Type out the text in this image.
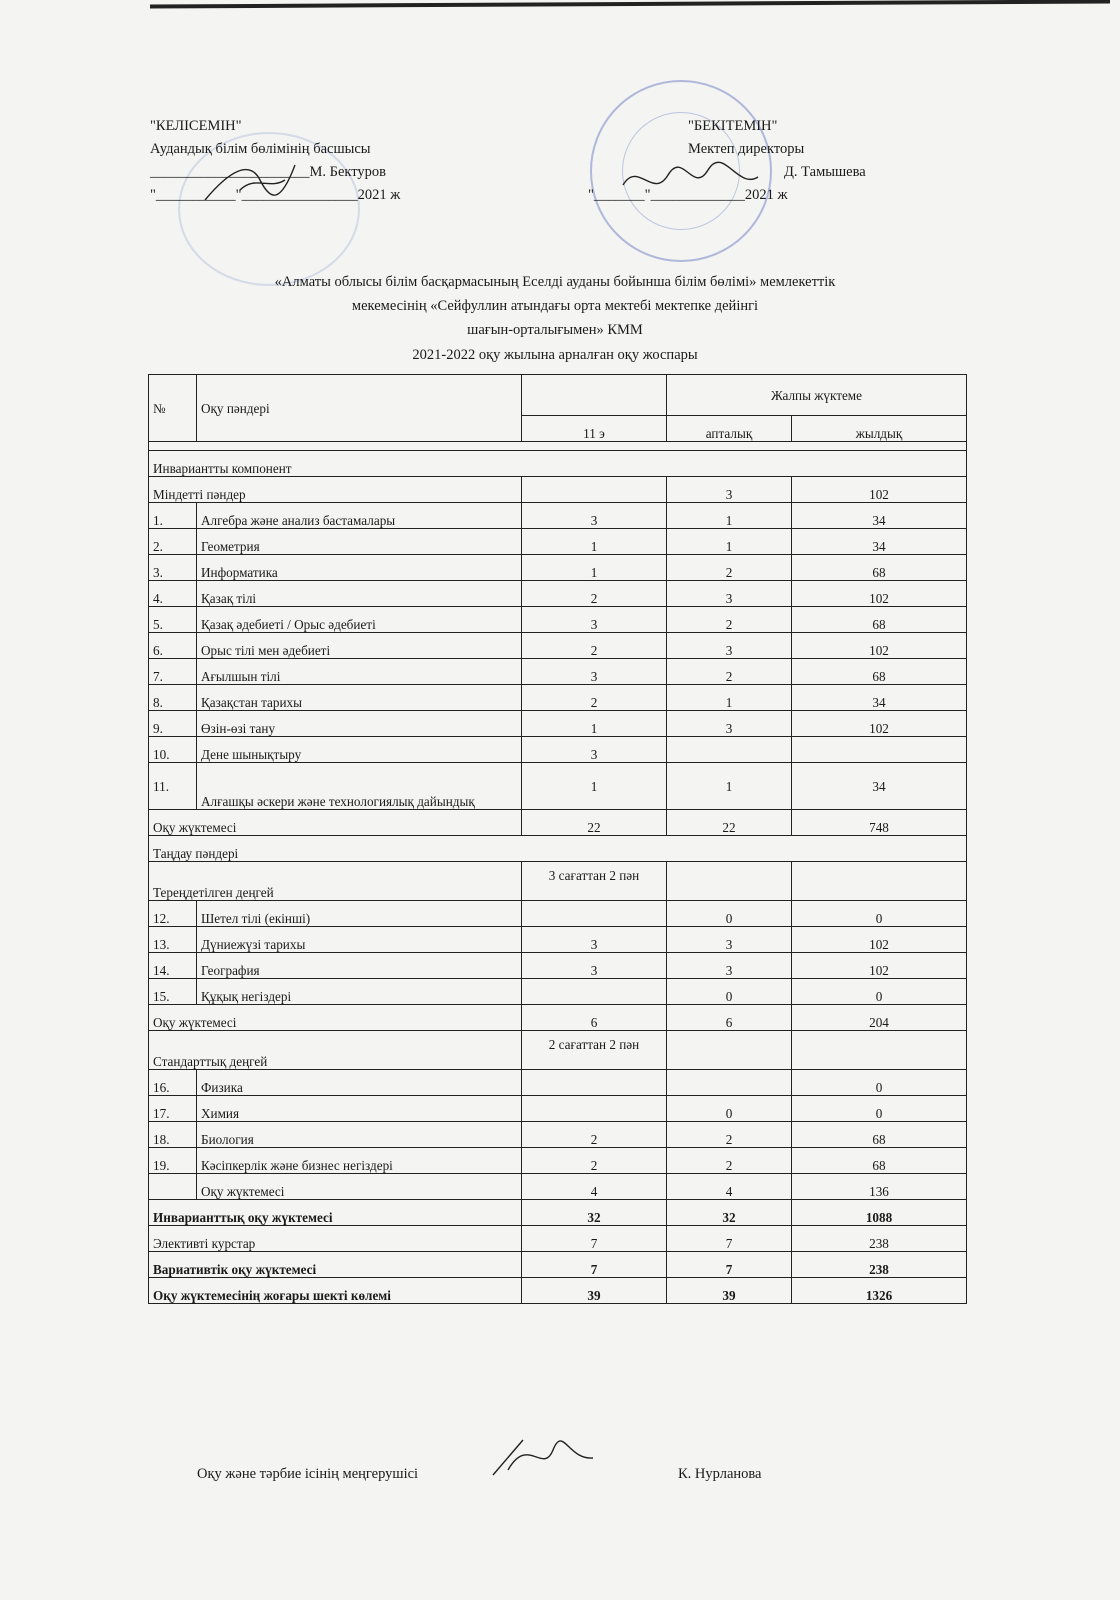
"КЕЛІСЕМІН"
Аудандық білім бөлімінің басшысы
______________________М. Бектуров
"___________"________________2021 ж
"БЕКІТЕМІН"
Мектеп директоры
Д. Тамышева
"_______"_____________2021 ж
«Алматы облысы білім басқармасының Еселді ауданы бойынша білім бөлімі» мемлекеттік
мекемесінің «Сейфуллин атындағы орта мектебі мектепке дейінгі
шағын-орталығымен» КММ
2021-2022 оқу жылына арналған оқу жоспары
№	Оқу пәндері		Жалпы жүктеме	
		11 э	апталық	жылдық

Инвариантты компонент				
Міндетті пәндер			3	102
1.	Алгебра және анализ бастамалары	3	1	34
2.	Геометрия	1	1	34
3.	Информатика	1	2	68
4.	Қазақ тілі	2	3	102
5.	Қазақ әдебиеті / Орыс әдебиеті	3	2	68
6.	Орыс тілі мен әдебиеті	2	3	102
7.	Ағылшын тілі	3	2	68
8.	Қазақстан тарихы	2	1	34
9.	Өзін-өзі тану	1	3	102
10.	Дене шынықтыру	3		
11.	Алғашқы әскери және технологиялық дайындық	1	1	34
Оқу жүктемесі		22	22	748
Таңдау пәндері				
Тереңдетілген деңгей		3 сағаттан 2 пән		
12.	Шетел тілі (екінші)		0	0
13.	Дүниежүзі тарихы	3	3	102
14.	География	3	3	102
15.	Құқық негіздері		0	0
Оқу жүктемесі		6	6	204
Стандарттық деңгей		2 сағаттан 2 пән		
16.	Физика			0
17.	Химия		0	0
18.	Биология	2	2	68
19.	Кәсіпкерлік және бизнес негіздері	2	2	68
	Оқу жүктемесі	4	4	136
Инварианттық оқу жүктемесі		32	32	1088
Элективті курстар		7	7	238
Вариативтік оқу жүктемесі		7	7	238
Оқу жүктемесінің жоғары шекті көлемі		39	39	1326
Оқу және тәрбие ісінің меңгерушісі	К. Нурланова
